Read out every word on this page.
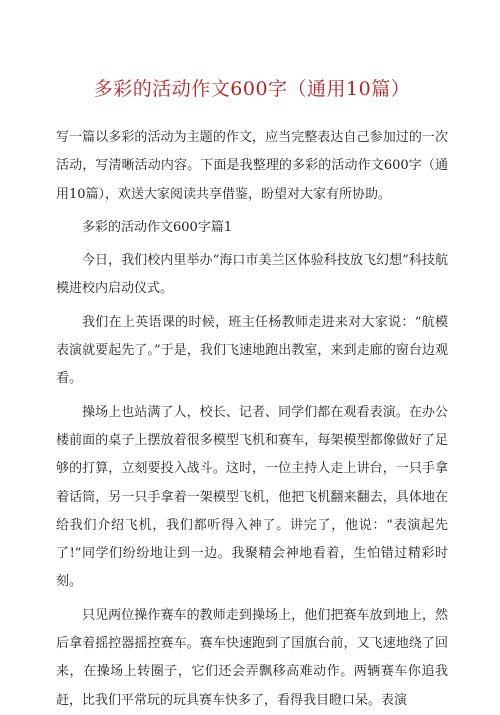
多彩的活动作文600字（通用10篇）

写一篇以多彩的活动为主题的作文，应当完整表达自己参加过的一次活动，写清晰活动内容。下面是我整理的多彩的活动作文600字（通用10篇），欢送大家阅读共享借鉴，盼望对大家有所协助。

多彩的活动作文600字篇1

今日，我们校内里举办“海口市美兰区体验科技放飞幻想”科技航模进校内启动仪式。

我们在上英语课的时候，班主任杨教师走进来对大家说：“航模表演就要起先了。”于是，我们飞速地跑出教室，来到走廊的窗台边观看。

操场上也站满了人，校长、记者、同学们都在观看表演。在办公楼前面的桌子上摆放着很多模型飞机和赛车，每架模型都像做好了足够的打算，立刻要投入战斗。这时，一位主持人走上讲台，一只手拿着话筒，另一只手拿着一架模型飞机，他把飞机翻来翻去，具体地在给我们介绍飞机，我们都听得入神了。讲完了，他说：“表演起先了!”同学们纷纷地让到一边。我聚精会神地看着，生怕错过精彩时刻。

只见两位操作赛车的教师走到操场上，他们把赛车放到地上，然后拿着摇控器摇控赛车。赛车快速跑到了国旗台前，又飞速地绕了回来，在操场上转圈子，它们还会弄飘移高难动作。两辆赛车你追我赶，比我们平常玩的玩具赛车快多了，看得我目瞪口呆。表演
